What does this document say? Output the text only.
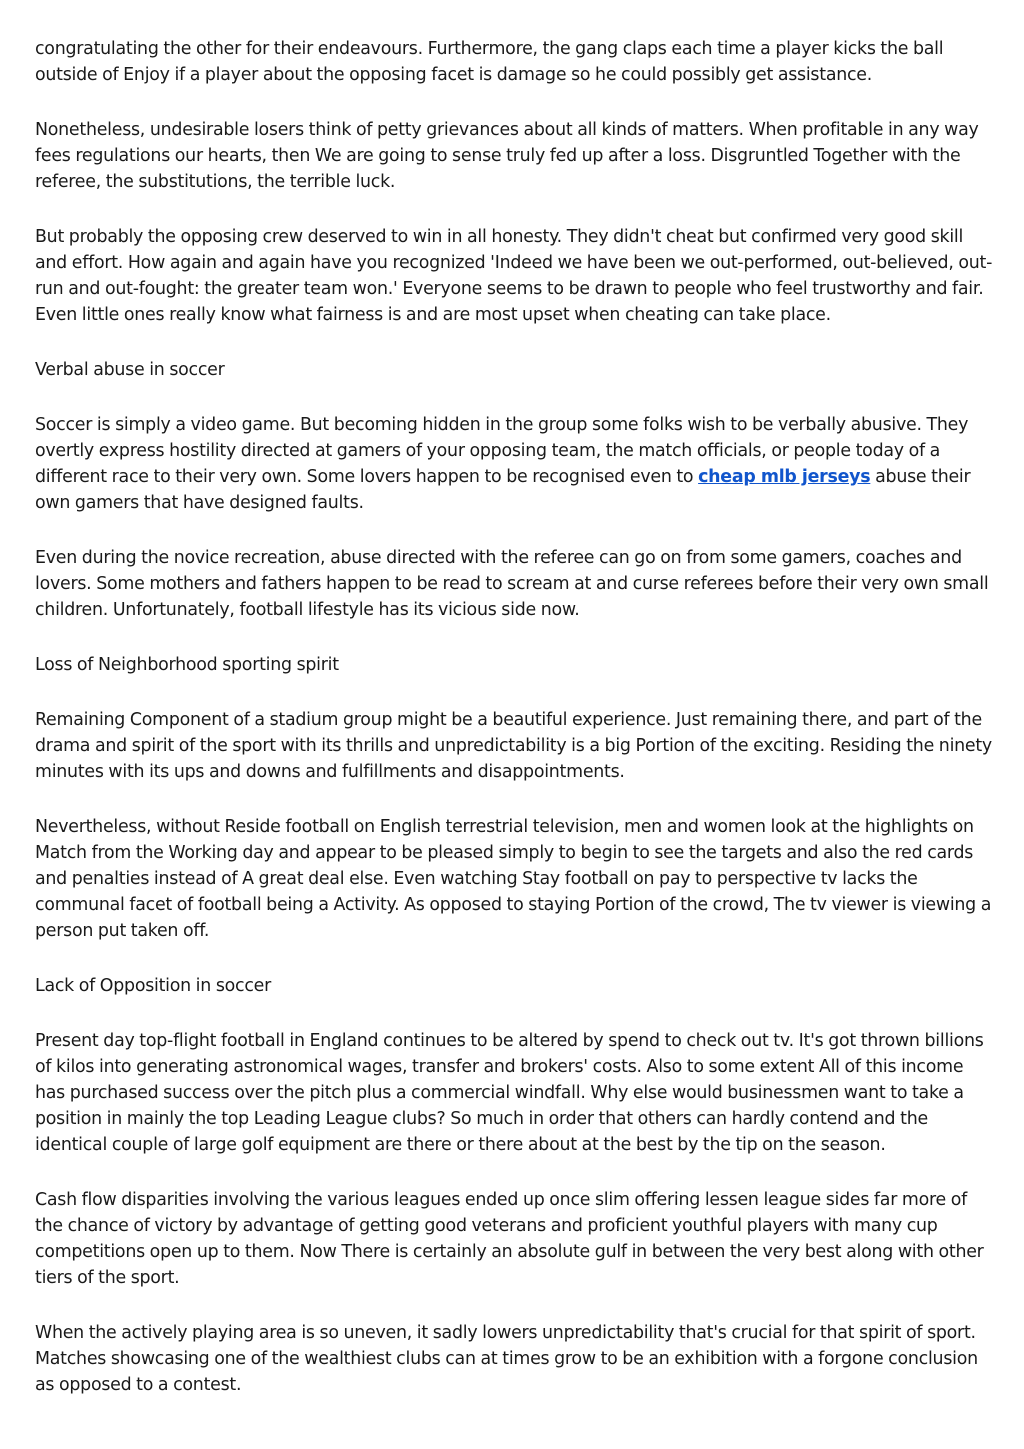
congratulating the other for their endeavours. Furthermore, the gang claps each time a player kicks the ball outside of Enjoy if a player about the opposing facet is damage so he could possibly get assistance.

Nonetheless, undesirable losers think of petty grievances about all kinds of matters. When profitable in any way fees regulations our hearts, then We are going to sense truly fed up after a loss. Disgruntled Together with the referee, the substitutions, the terrible luck.

But probably the opposing crew deserved to win in all honesty. They didn't cheat but confirmed very good skill and effort. How again and again have you recognized 'Indeed we have been we out-performed, out-believed, out-run and out-fought: the greater team won.' Everyone seems to be drawn to people who feel trustworthy and fair. Even little ones really know what fairness is and are most upset when cheating can take place.

Verbal abuse in soccer

Soccer is simply a video game. But becoming hidden in the group some folks wish to be verbally abusive. They overtly express hostility directed at gamers of your opposing team, the match officials, or people today of a different race to their very own. Some lovers happen to be recognised even to cheap mlb jerseys abuse their own gamers that have designed faults.

Even during the novice recreation, abuse directed with the referee can go on from some gamers, coaches and lovers. Some mothers and fathers happen to be read to scream at and curse referees before their very own small children. Unfortunately, football lifestyle has its vicious side now.

Loss of Neighborhood sporting spirit

Remaining Component of a stadium group might be a beautiful experience. Just remaining there, and part of the drama and spirit of the sport with its thrills and unpredictability is a big Portion of the exciting. Residing the ninety minutes with its ups and downs and fulfillments and disappointments.

Nevertheless, without Reside football on English terrestrial television, men and women look at the highlights on Match from the Working day and appear to be pleased simply to begin to see the targets and also the red cards and penalties instead of A great deal else. Even watching Stay football on pay to perspective tv lacks the communal facet of football being a Activity. As opposed to staying Portion of the crowd, The tv viewer is viewing a person put taken off.

Lack of Opposition in soccer

Present day top-flight football in England continues to be altered by spend to check out tv. It's got thrown billions of kilos into generating astronomical wages, transfer and brokers' costs. Also to some extent All of this income has purchased success over the pitch plus a commercial windfall. Why else would businessmen want to take a position in mainly the top Leading League clubs? So much in order that others can hardly contend and the identical couple of large golf equipment are there or there about at the best by the tip on the season.

Cash flow disparities involving the various leagues ended up once slim offering lessen league sides far more of the chance of victory by advantage of getting good veterans and proficient youthful players with many cup competitions open up to them. Now There is certainly an absolute gulf in between the very best along with other tiers of the sport.

When the actively playing area is so uneven, it sadly lowers unpredictability that's crucial for that spirit of sport. Matches showcasing one of the wealthiest clubs can at times grow to be an exhibition with a forgone conclusion as opposed to a contest.
